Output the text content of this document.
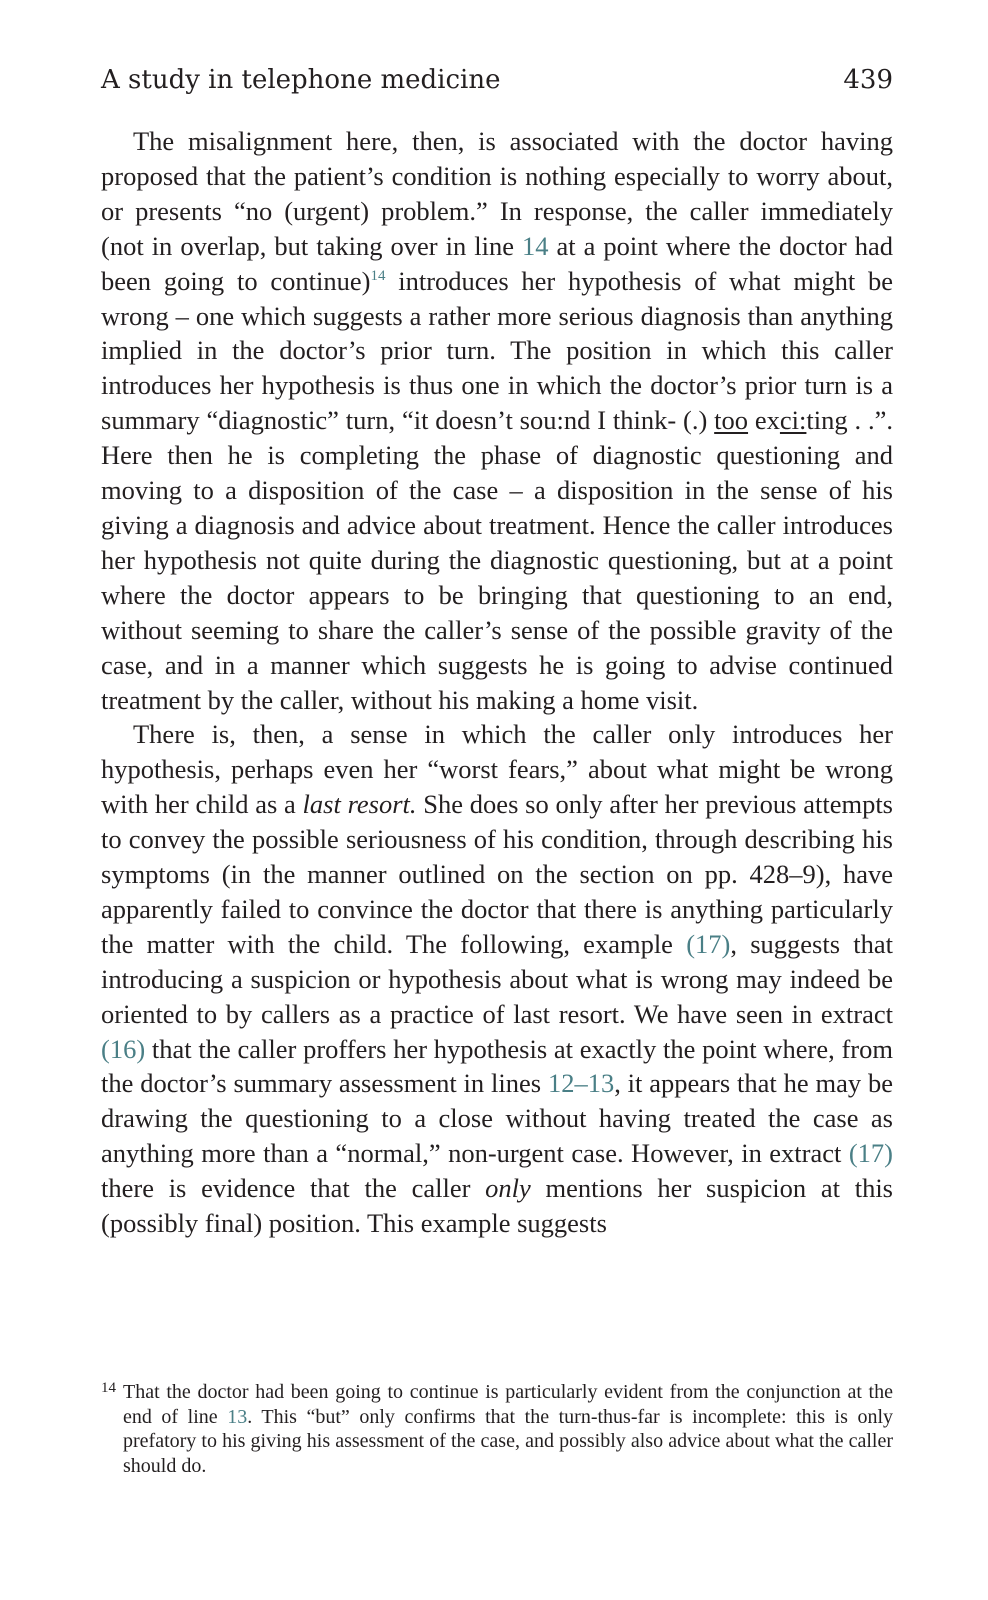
A study in telephone medicine	439

The misalignment here, then, is associated with the doctor having proposed that the patient’s condition is nothing especially to worry about, or presents “no (urgent) problem.” In response, the caller immediately (not in overlap, but taking over in line 14 at a point where the doctor had been going to continue)$^{14}$ introduces her hypothesis of what might be wrong – one which suggests a rather more serious diagnosis than anything implied in the doctor’s prior turn. The position in which this caller introduces her hypothesis is thus one in which the doctor’s prior turn is a summary “diagnostic” turn, “it doesn’t sou:nd I think- (.) too exci:ting . .”. Here then he is completing the phase of diagnostic questioning and moving to a disposition of the case – a disposition in the sense of his giving a diagnosis and advice about treatment. Hence the caller introduces her hypothesis not quite during the diagnostic questioning, but at a point where the doctor appears to be bringing that questioning to an end, without seeming to share the caller’s sense of the possible gravity of the case, and in a manner which suggests he is going to advise continued treatment by the caller, without his making a home visit.

There is, then, a sense in which the caller only introduces her hypothesis, perhaps even her “worst fears,” about what might be wrong with her child as a last resort. She does so only after her previous attempts to convey the possible seriousness of his condition, through describing his symptoms (in the manner outlined on the section on pp. 428–9), have apparently failed to convince the doctor that there is anything particularly the matter with the child. The following, example (17), suggests that introducing a suspicion or hypothesis about what is wrong may indeed be oriented to by callers as a practice of last resort. We have seen in extract (16) that the caller proffers her hypothesis at exactly the point where, from the doctor’s summary assessment in lines 12–13, it appears that he may be drawing the questioning to a close without having treated the case as anything more than a “normal,” non-urgent case. However, in extract (17) there is evidence that the caller only mentions her suspicion at this (possibly final) position. This example suggests

14 That the doctor had been going to continue is particularly evident from the conjunction at the end of line 13. This “but” only confirms that the turn-thus-far is incomplete: this is only prefatory to his giving his assessment of the case, and possibly also advice about what the caller should do.
